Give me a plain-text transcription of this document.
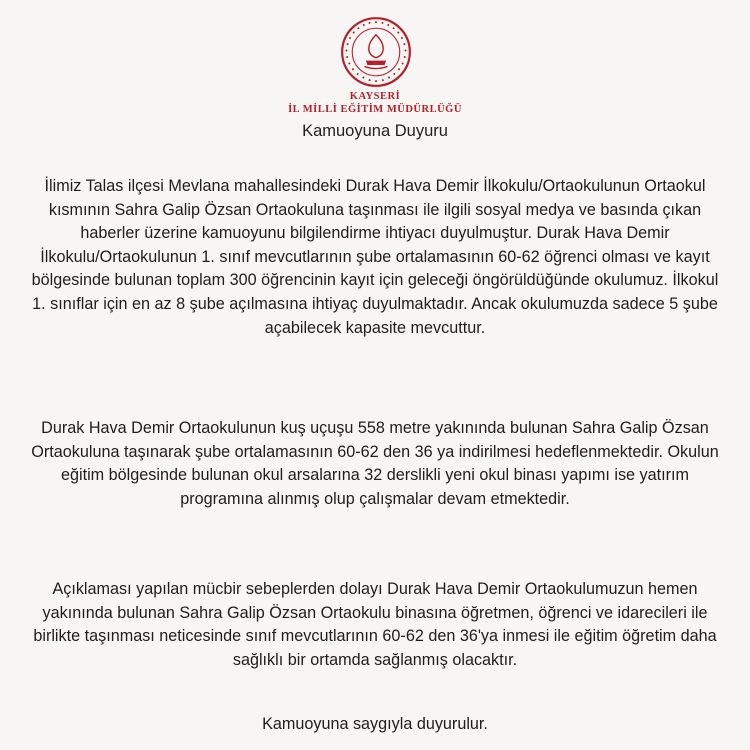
KAYSERİ
İL MİLLİ EĞİTİM MÜDÜRLÜĞÜ
Kamuoyuna Duyuru

İlimiz Talas ilçesi Mevlana mahallesindeki Durak Hava Demir İlkokulu/Ortaokulunun Ortaokul kısmının Sahra Galip Özsan Ortaokuluna taşınması ile ilgili sosyal medya ve basında çıkan haberler üzerine kamuoyunu bilgilendirme ihtiyacı duyulmuştur. Durak Hava Demir İlkokulu/Ortaokulunun 1. sınıf mevcutlarının şube ortalamasının 60-62 öğrenci olması ve kayıt bölgesinde bulunan toplam 300 öğrencinin kayıt için geleceği öngörüldüğünde okulumuz. İlkokul 1. sınıflar için en az 8 şube açılmasına ihtiyaç duyulmaktadır. Ancak okulumuzda sadece 5 şube açabilecek kapasite mevcuttur.

Durak Hava Demir Ortaokulunun kuş uçuşu 558 metre yakınında bulunan Sahra Galip Özsan Ortaokuluna taşınarak şube ortalamasının 60-62 den 36 ya indirilmesi hedeflenmektedir. Okulun eğitim bölgesinde bulunan okul arsalarına 32 derslikli yeni okul binası yapımı ise yatırım programına alınmış olup çalışmalar devam etmektedir.

Açıklaması yapılan mücbir sebeplerden dolayı Durak Hava Demir Ortaokulumuzun hemen yakınında bulunan Sahra Galip Özsan Ortaokulu binasına öğretmen, öğrenci ve idarecileri ile birlikte taşınması neticesinde sınıf mevcutlarının 60-62 den 36'ya inmesi ile eğitim öğretim daha sağlıklı bir ortamda sağlanmış olacaktır.

Kamuoyuna saygıyla duyurulur.
